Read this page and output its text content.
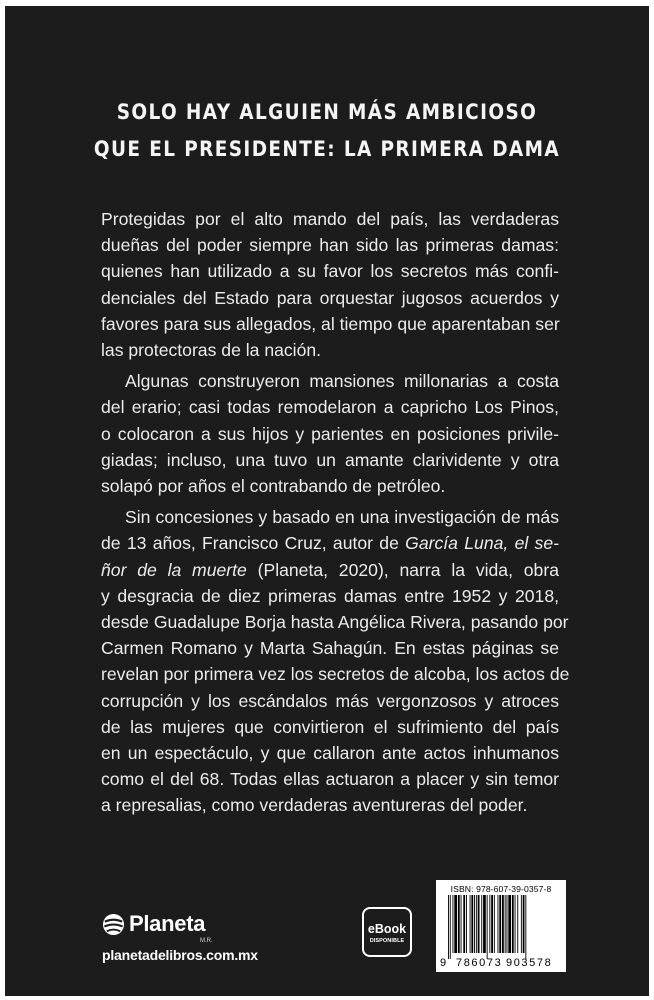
SOLO HAY ALGUIEN MÁS AMBICIOSO
QUE EL PRESIDENTE: LA PRIMERA DAMA

Protegidas por el alto mando del país, las verdaderas
dueñas del poder siempre han sido las primeras damas:
quienes han utilizado a su favor los secretos más confi-
denciales del Estado para orquestar jugosos acuerdos y
favores para sus allegados, al tiempo que aparentaban ser
las protectoras de la nación.

Algunas construyeron mansiones millonarias a costa
del erario; casi todas remodelaron a capricho Los Pinos,
o colocaron a sus hijos y parientes en posiciones privile-
giadas; incluso, una tuvo un amante clarividente y otra
solapó por años el contrabando de petróleo.

Sin concesiones y basado en una investigación de más
de 13 años, Francisco Cruz, autor de García Luna, el se-
ñor de la muerte (Planeta, 2020), narra la vida, obra
y desgracia de diez primeras damas entre 1952 y 2018,
desde Guadalupe Borja hasta Angélica Rivera, pasando por
Carmen Romano y Marta Sahagún. En estas páginas se
revelan por primera vez los secretos de alcoba, los actos de
corrupción y los escándalos más vergonzosos y atroces
de las mujeres que convirtieron el sufrimiento del país
en un espectáculo, y que callaron ante actos inhumanos
como el del 68. Todas ellas actuaron a placer y sin temor
a represalias, como verdaderas aventureras del poder.

Planeta
M.R.
planetadelibros.com.mx
eBook
DISPONIBLE
ISBN: 978-607-39-0357-8
9 786073 903578
